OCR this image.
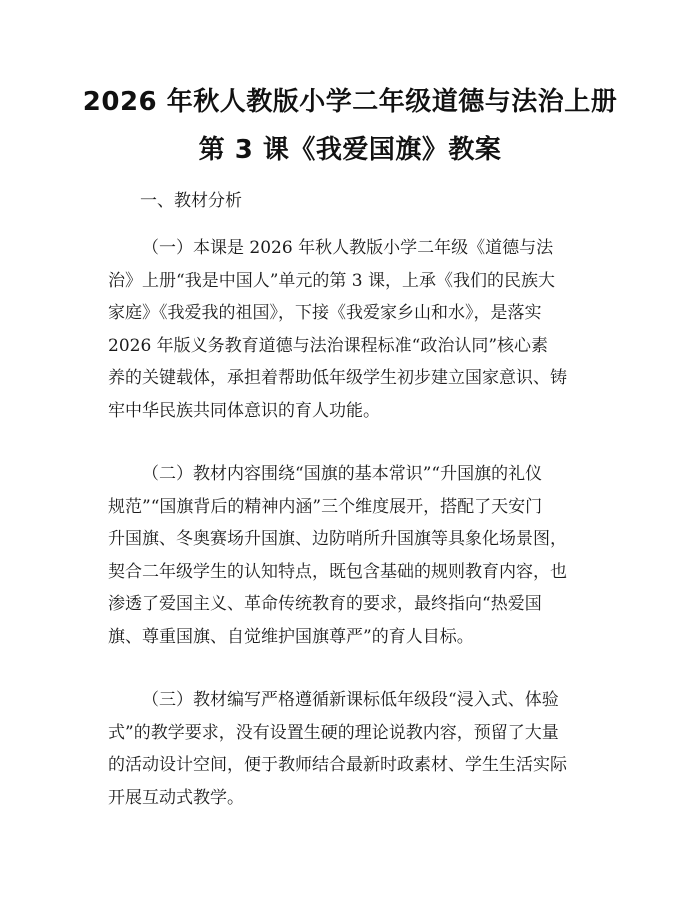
2026 年秋人教版小学二年级道德与法治上册
第 3 课《我爱国旗》教案
一、教材分析
（一）本课是 2026 年秋人教版小学二年级《道德与法
治》上册“我是中国人”单元的第 3 课，上承《我们的民族大
家庭》《我爱我的祖国》，下接《我爱家乡山和水》，是落实
2026 年版义务教育道德与法治课程标准“政治认同”核心素
养的关键载体，承担着帮助低年级学生初步建立国家意识、铸
牢中华民族共同体意识的育人功能。
（二）教材内容围绕“国旗的基本常识”“升国旗的礼仪
规范”“国旗背后的精神内涵”三个维度展开，搭配了天安门
升国旗、冬奥赛场升国旗、边防哨所升国旗等具象化场景图，
契合二年级学生的认知特点，既包含基础的规则教育内容，也
渗透了爱国主义、革命传统教育的要求，最终指向“热爱国
旗、尊重国旗、自觉维护国旗尊严”的育人目标。
（三）教材编写严格遵循新课标低年级段“浸入式、体验
式”的教学要求，没有设置生硬的理论说教内容，预留了大量
的活动设计空间，便于教师结合最新时政素材、学生生活实际
开展互动式教学。
